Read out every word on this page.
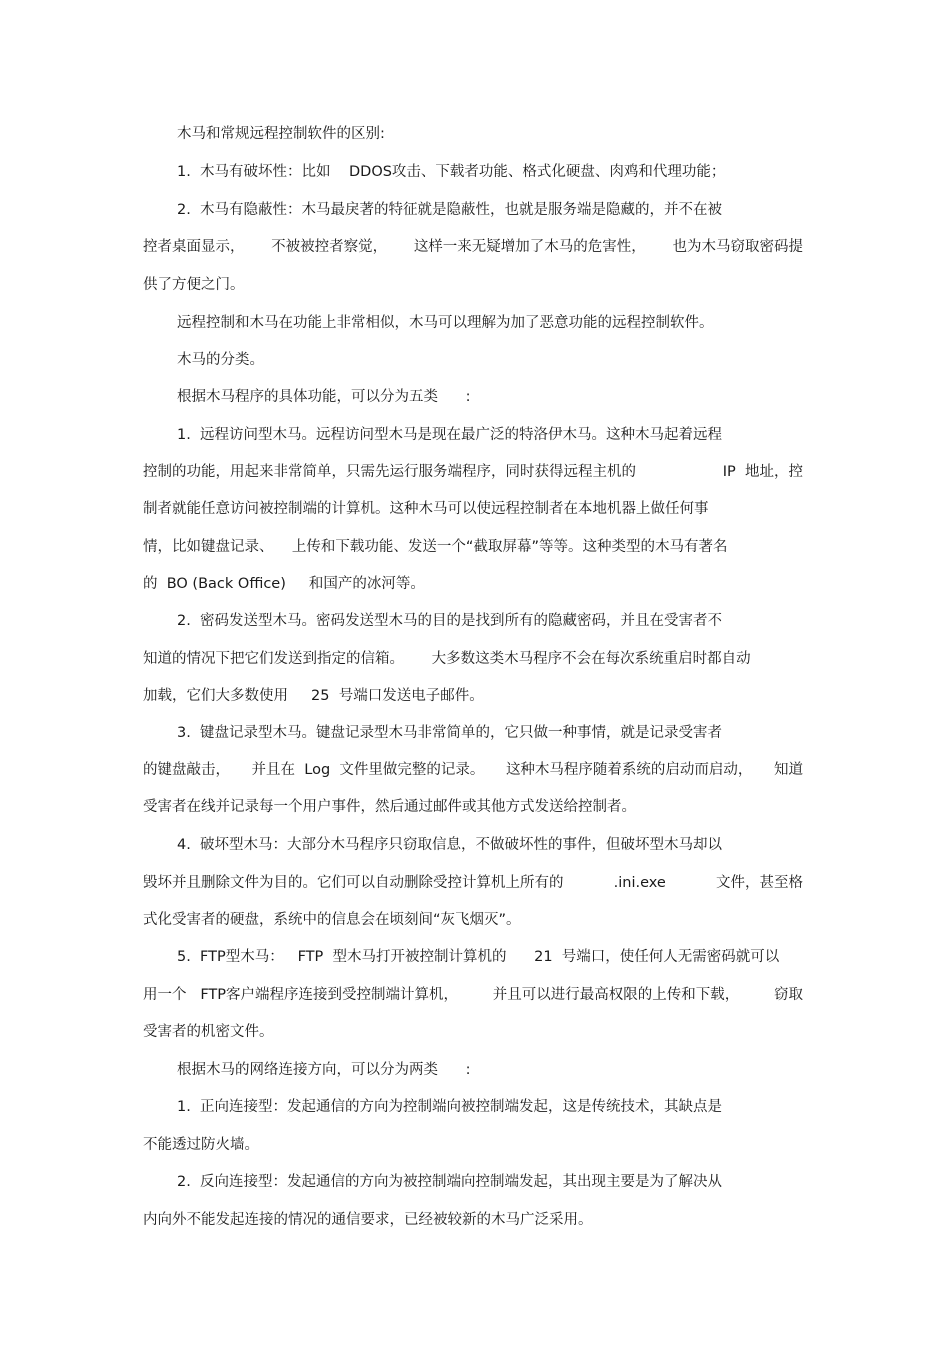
木马和常规远程控制软件的区别:
1.  木马有破坏性：比如    DDOS攻击、下载者功能、格式化硬盘、肉鸡和代理功能；
2.  木马有隐蔽性：木马最戾著的特征就是隐蔽性，也就是服务端是隐藏的，并不在被
控者桌面显示， 不被被控者察觉， 这样一来无疑增加了木马的危害性， 也为木马窃取密码提
供了方便之门。
远程控制和木马在功能上非常相似，木马可以理解为加了恶意功能的远程控制软件。
木马的分类。
根据木马程序的具体功能，可以分为五类      :
1.  远程访问型木马。远程访问型木马是现在最广泛的特洛伊木马。这种木马起着远程
控制的功能，用起来非常简单，只需先运行服务端程序，同时获得远程主机的	IP  地址，控
制者就能任意访问被控制端的计算机。这种木马可以使远程控制者在本地机器上做任何事
情，比如键盘记录、    上传和下载功能、发送一个“截取屏幕”等等。这种类型的木马有著名
的  BO (Back Office)     和国产的冰河等。
2.  密码发送型木马。密码发送型木马的目的是找到所有的隐藏密码，并且在受害者不
知道的情况下把它们发送到指定的信箱。      大多数这类木马程序不会在每次系统重启时都自动
加载，它们大多数使用     25  号端口发送电子邮件。
3.  键盘记录型木马。键盘记录型木马非常简单的，它只做一种事情，就是记录受害者
的键盘敲击， 并且在  Log  文件里做完整的记录。 这种木马程序随着系统的启动而启动， 知道
受害者在线并记录每一个用户事件，然后通过邮件或其他方式发送给控制者。
4.  破坏型木马：大部分木马程序只窃取信息，不做破坏性的事件，但破坏型木马却以
毁坏并且删除文件为目的。它们可以自动删除受控计算机上所有的	.ini.exe	文件，甚至格
式化受害者的硬盘，系统中的信息会在顷刻间“灰飞烟灭”。
5.  FTP型木马：   FTP  型木马打开被控制计算机的      21  号端口，使任何人无需密码就可以
用一个   FTP客户端程序连接到受控制端计算机， 并且可以进行最高权限的上传和下载， 窃取
受害者的机密文件。
根据木马的网络连接方向，可以分为两类      :
1.  正向连接型：发起通信的方向为控制端向被控制端发起，这是传统技术，其缺点是
不能透过防火墙。
2.  反向连接型：发起通信的方向为被控制端向控制端发起，其出现主要是为了解决从
内向外不能发起连接的情况的通信要求，已经被较新的木马广泛采用。
